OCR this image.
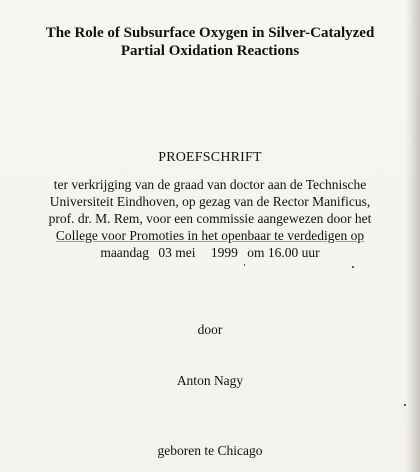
The Role of Subsurface Oxygen in Silver-Catalyzed
Partial Oxidation Reactions
PROEFSCHRIFT
ter verkrijging van de graad van doctor aan de Technische
Universiteit Eindhoven, op gezag van de Rector Manificus,
prof. dr. M. Rem, voor een commissie aangewezen door het
College voor Promoties in het openbaar te verdedigen op
maandag 03 mei 1999 om 16.00 uur
door
Anton Nagy
geboren te Chicago
